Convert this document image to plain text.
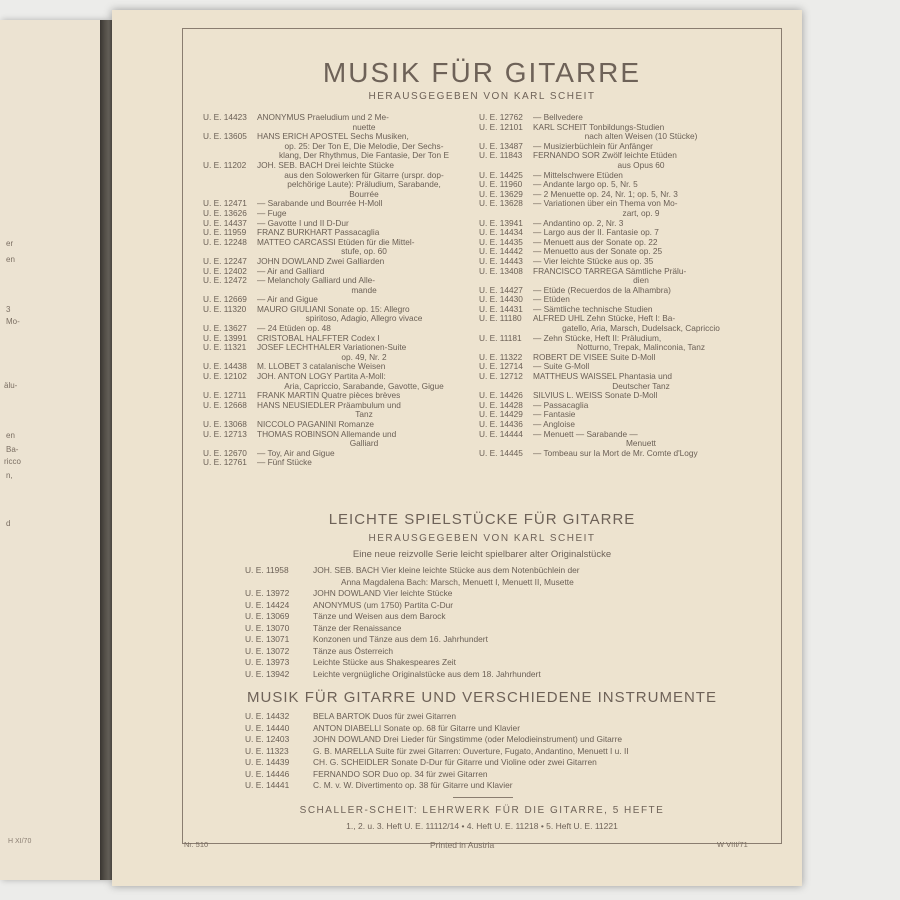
er
en
3
Mo-
älu-
en
Ba-
ricco
n,
d
H XI/70
MUSIK FÜR GITARRE
HERAUSGEGEBEN VON KARL SCHEIT
U. E. 14423	ANONYMUS Praeludium und 2 Me-
nuette
U. E. 13605	HANS ERICH APOSTEL Sechs Musiken,
op. 25: Der Ton E, Die Melodie, Der Sechs-
klang, Der Rhythmus, Die Fantasie, Der Ton E
U. E. 11202	JOH. SEB. BACH Drei leichte Stücke
aus den Solowerken für Gitarre (urspr. dop-
pelchörige Laute): Präludium, Sarabande,
Bourrée
U. E. 12471	— Sarabande und Bourrée H-Moll
U. E. 13626	— Fuge
U. E. 14437	— Gavotte I und II D-Dur
U. E. 11959	FRANZ BURKHART Passacaglia
U. E. 12248	MATTEO CARCASSI Etüden für die Mittel-
stufe, op. 60
U. E. 12247	JOHN DOWLAND Zwei Galliarden
U. E. 12402	— Air and Galliard
U. E. 12472	— Melancholy Galliard und Alle-
mande
U. E. 12669	— Air and Gigue
U. E. 11320	MAURO GIULIANI Sonate op. 15: Allegro
spiritoso, Adagio, Allegro vivace
U. E. 13627	— 24 Etüden op. 48
U. E. 13991	CRISTOBAL HALFFTER Codex I
U. E. 11321	JOSEF LECHTHALER Variationen-Suite
op. 49, Nr. 2
U. E. 14438	M. LLOBET 3 catalanische Weisen
U. E. 12102	JOH. ANTON LOGY Partita A-Moll:
Aria, Capriccio, Sarabande, Gavotte, Gigue
U. E. 12711	FRANK MARTIN Quatre pièces brèves
U. E. 12668	HANS NEUSIEDLER Präambulum und
Tanz
U. E. 13068	NICCOLO PAGANINI Romanze
U. E. 12713	THOMAS ROBINSON Allemande und
Galliard
U. E. 12670	— Toy, Air and Gigue
U. E. 12761	— Fünf Stücke
U. E. 12762	— Bellvedere
U. E. 12101	KARL SCHEIT Tonbildungs-Studien
nach alten Weisen (10 Stücke)
U. E. 13487	— Musizierbüchlein für Anfänger
U. E. 11843	FERNANDO SOR Zwölf leichte Etüden
aus Opus 60
U. E. 14425	— Mittelschwere Etüden
U. E. 11960	— Andante largo op. 5, Nr. 5
U. E. 13629	— 2 Menuette op. 24, Nr. 1; op. 5, Nr. 3
U. E. 13628	— Variationen über ein Thema von Mo-
zart, op. 9
U. E. 13941	— Andantino op. 2, Nr. 3
U. E. 14434	— Largo aus der II. Fantasie op. 7
U. E. 14435	— Menuett aus der Sonate op. 22
U. E. 14442	— Menuetto aus der Sonate op. 25
U. E. 14443	— Vier leichte Stücke aus op. 35
U. E. 13408	FRANCISCO TARREGA Sämtliche Prälu-
dien
U. E. 14427	— Etüde (Recuerdos de la Alhambra)
U. E. 14430	— Etüden
U. E. 14431	— Sämtliche technische Studien
U. E. 11180	ALFRED UHL Zehn Stücke, Heft I: Ba-
gatello, Aria, Marsch, Dudelsack, Capriccio
U. E. 11181	— Zehn Stücke, Heft II: Präludium,
Notturno, Trepak, Malinconia, Tanz
U. E. 11322	ROBERT DE VISEE Suite D-Moll
U. E. 12714	— Suite G-Moll
U. E. 12712	MATTHEUS WAISSEL Phantasia und
Deutscher Tanz
U. E. 14426	SILVIUS L. WEISS Sonate D-Moll
U. E. 14428	— Passacaglia
U. E. 14429	— Fantasie
U. E. 14436	— Angloise
U. E. 14444	— Menuett — Sarabande —
Menuett
U. E. 14445	— Tombeau sur la Mort de Mr. Comte d'Logy
LEICHTE SPIELSTÜCKE FÜR GITARRE
HERAUSGEGEBEN VON KARL SCHEIT
Eine neue reizvolle Serie leicht spielbarer alter Originalstücke
U. E. 11958	JOH. SEB. BACH Vier kleine leichte Stücke aus dem Notenbüchlein der
Anna Magdalena Bach: Marsch, Menuett I, Menuett II, Musette
U. E. 13972	JOHN DOWLAND Vier leichte Stücke
U. E. 14424	ANONYMUS (um 1750) Partita C-Dur
U. E. 13069	Tänze und Weisen aus dem Barock
U. E. 13070	Tänze der Renaissance
U. E. 13071	Konzonen und Tänze aus dem 16. Jahrhundert
U. E. 13072	Tänze aus Österreich
U. E. 13973	Leichte Stücke aus Shakespeares Zeit
U. E. 13942	Leichte vergnügliche Originalstücke aus dem 18. Jahrhundert
MUSIK FÜR GITARRE UND VERSCHIEDENE INSTRUMENTE
U. E. 14432	BELA BARTOK Duos für zwei Gitarren
U. E. 14440	ANTON DIABELLI Sonate op. 68 für Gitarre und Klavier
U. E. 12403	JOHN DOWLAND Drei Lieder für Singstimme (oder Melodieinstrument) und Gitarre
U. E. 11323	G. B. MARELLA Suite für zwei Gitarren: Ouverture, Fugato, Andantino, Menuett I u. II
U. E. 14439	CH. G. SCHEIDLER Sonate D-Dur für Gitarre und Violine oder zwei Gitarren
U. E. 14446	FERNANDO SOR Duo op. 34 für zwei Gitarren
U. E. 14441	C. M. v. W. Divertimento op. 38 für Gitarre und Klavier
SCHALLER-SCHEIT: LEHRWERK FÜR DIE GITARRE, 5 HEFTE
1., 2. u. 3. Heft U. E. 11112/14 • 4. Heft U. E. 11218 • 5. Heft U. E. 11221
Nr. 510	Printed in Austria	W VIII/71
